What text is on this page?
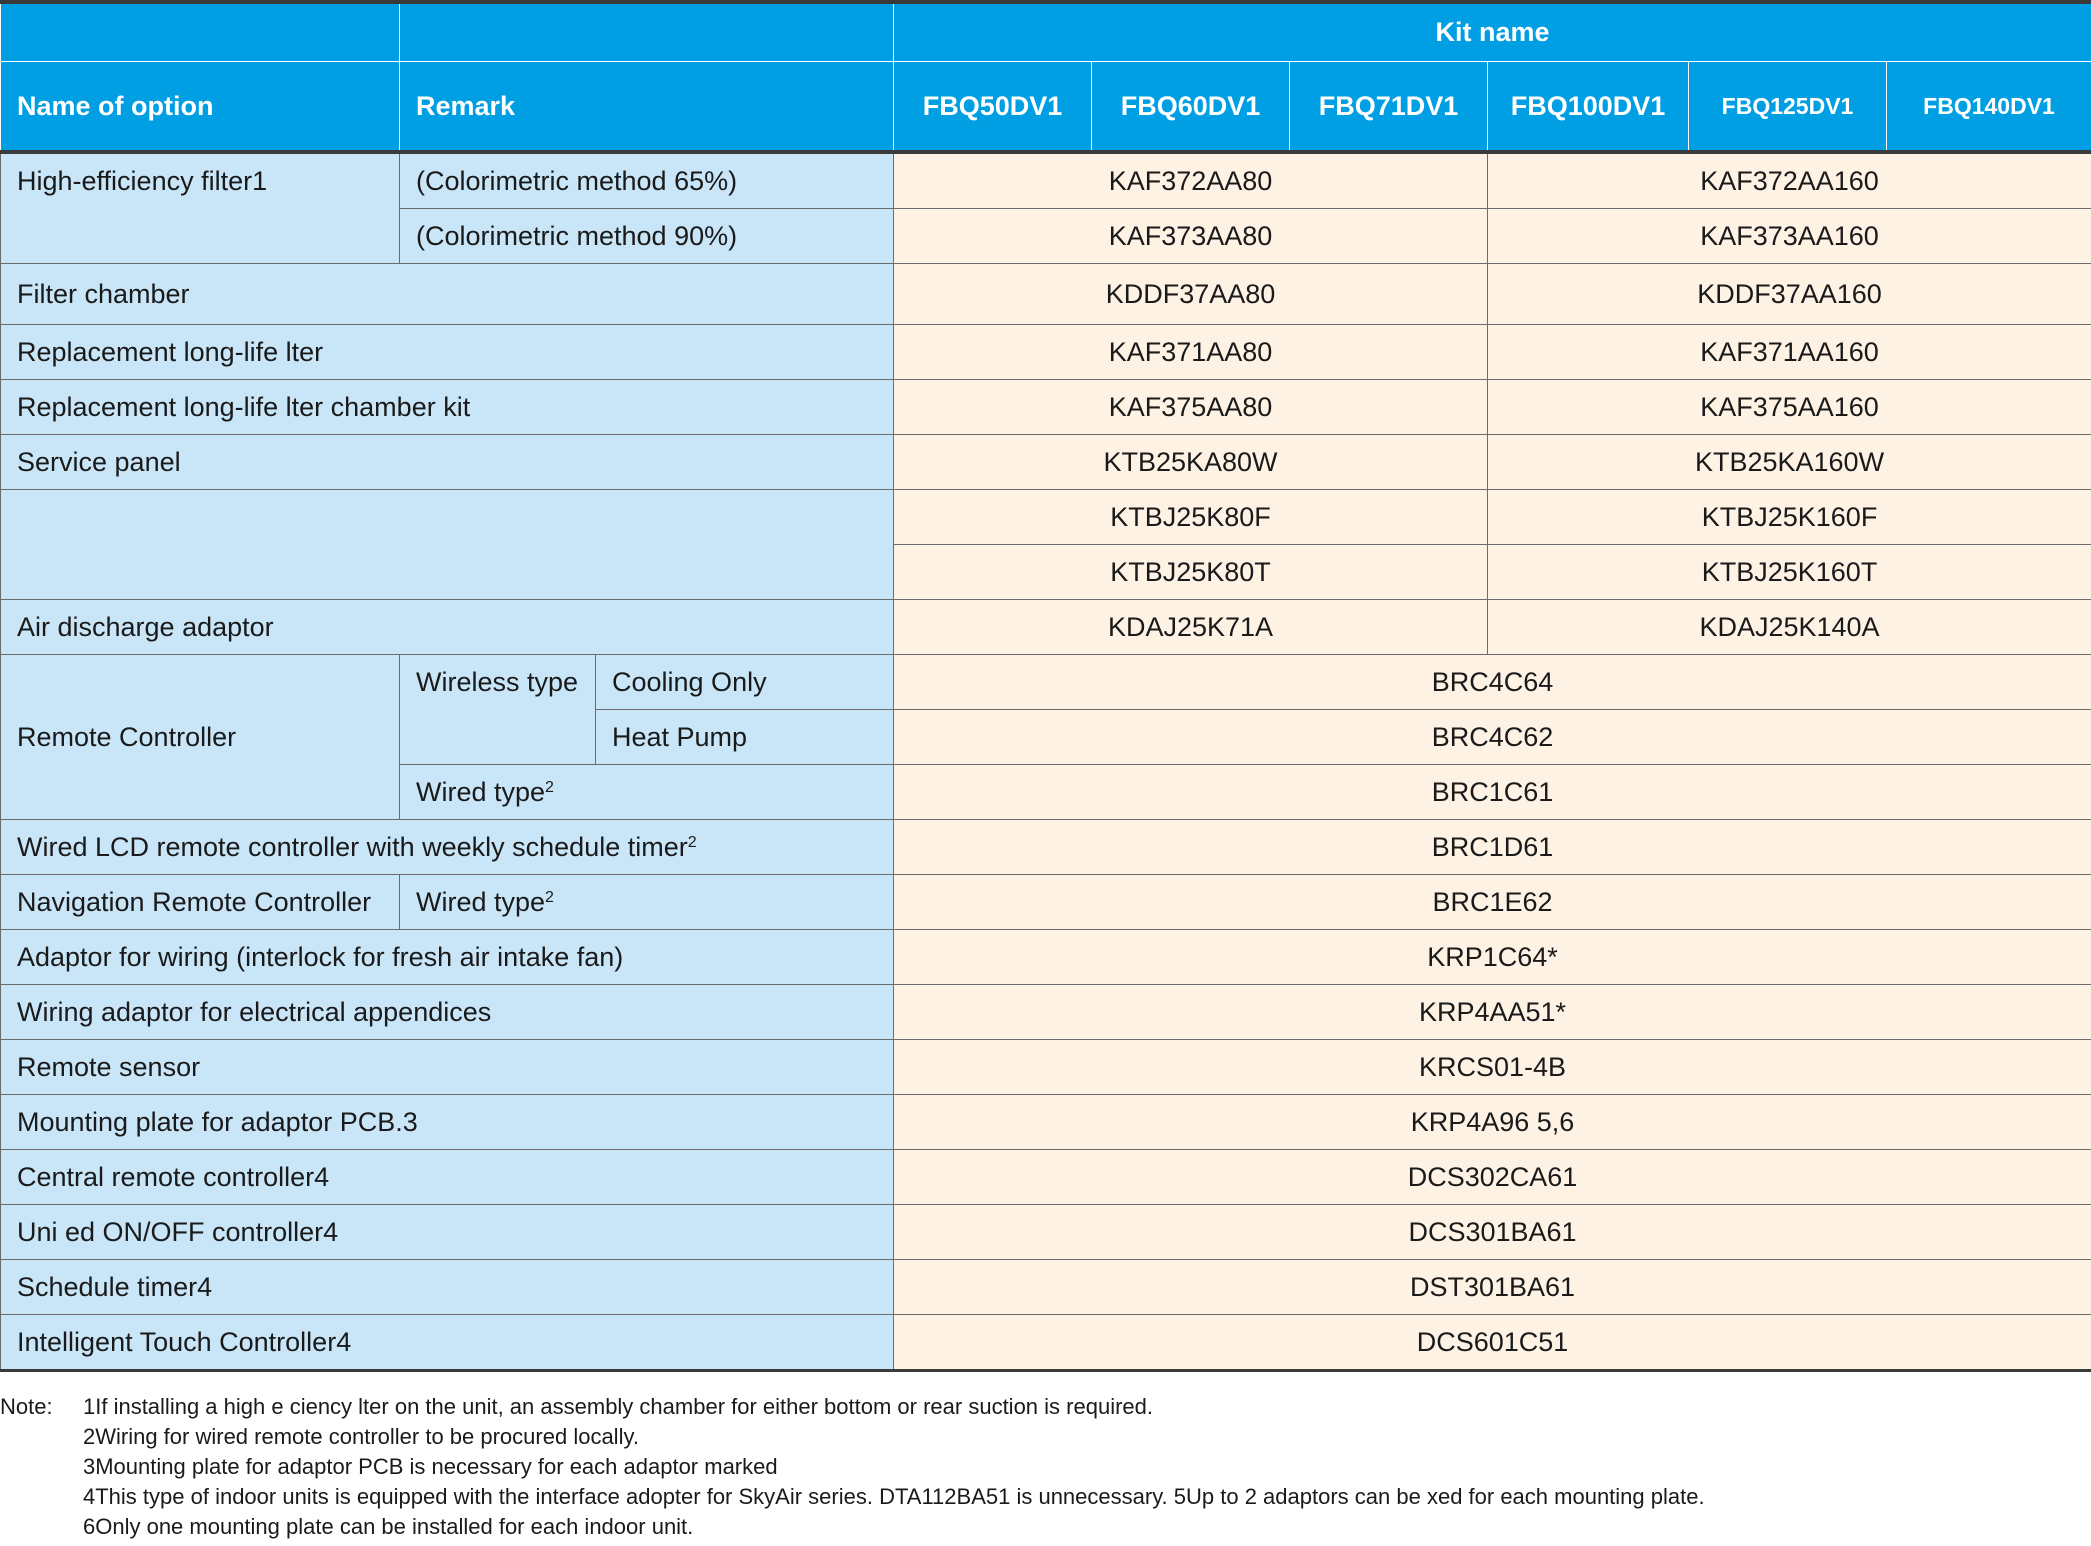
			Kit name					
Name of option	Remark		FBQ50DV1	FBQ60DV1	FBQ71DV1	FBQ100DV1	FBQ125DV1	FBQ140DV1
High-efficiency filter1	(Colorimetric method 65%)		KAF372AA80			KAF372AA160		
	(Colorimetric method 90%)		KAF373AA80			KAF373AA160		
Filter chamber			KDDF37AA80			KDDF37AA160		
Replacement long-life lter			KAF371AA80			KAF371AA160		
Replacement long-life lter chamber kit			KAF375AA80			KAF375AA160		
Service panel			KTB25KA80W			KTB25KA160W		
			KTBJ25K80F			KTBJ25K160F		
			KTBJ25K80T			KTBJ25K160T		
Air discharge adaptor			KDAJ25K71A			KDAJ25K140A		
Remote Controller	Wireless type	Cooling Only	BRC4C64					
		Heat Pump	BRC4C62					
	Wired type$^2$		BRC1C61					
Wired LCD remote controller with weekly schedule timer$^2$			BRC1D61					
Navigation Remote Controller	Wired type$^2$		BRC1E62					
Adaptor for wiring (interlock for fresh air intake fan)			KRP1C64*					
Wiring adaptor for electrical appendices			KRP4AA51*					
Remote sensor			KRCS01-4B					
Mounting plate for adaptor PCB.3			KRP4A96 5,6					
Central remote controller4			DCS302CA61					
Uni ed ON/OFF controller4			DCS301BA61					
Schedule timer4			DST301BA61					
Intelligent Touch Controller4			DCS601C51					
Note: 1If installing a high e ciency lter on the unit, an assembly chamber for either bottom or rear suction is required.
2Wiring for wired remote controller to be procured locally.
3Mounting plate for adaptor PCB is necessary for each adaptor marked
4This type of indoor units is equipped with the interface adopter for SkyAir series. DTA112BA51 is unnecessary. 5Up to 2 adaptors can be xed for each mounting plate.
6Only one mounting plate can be installed for each indoor unit.
